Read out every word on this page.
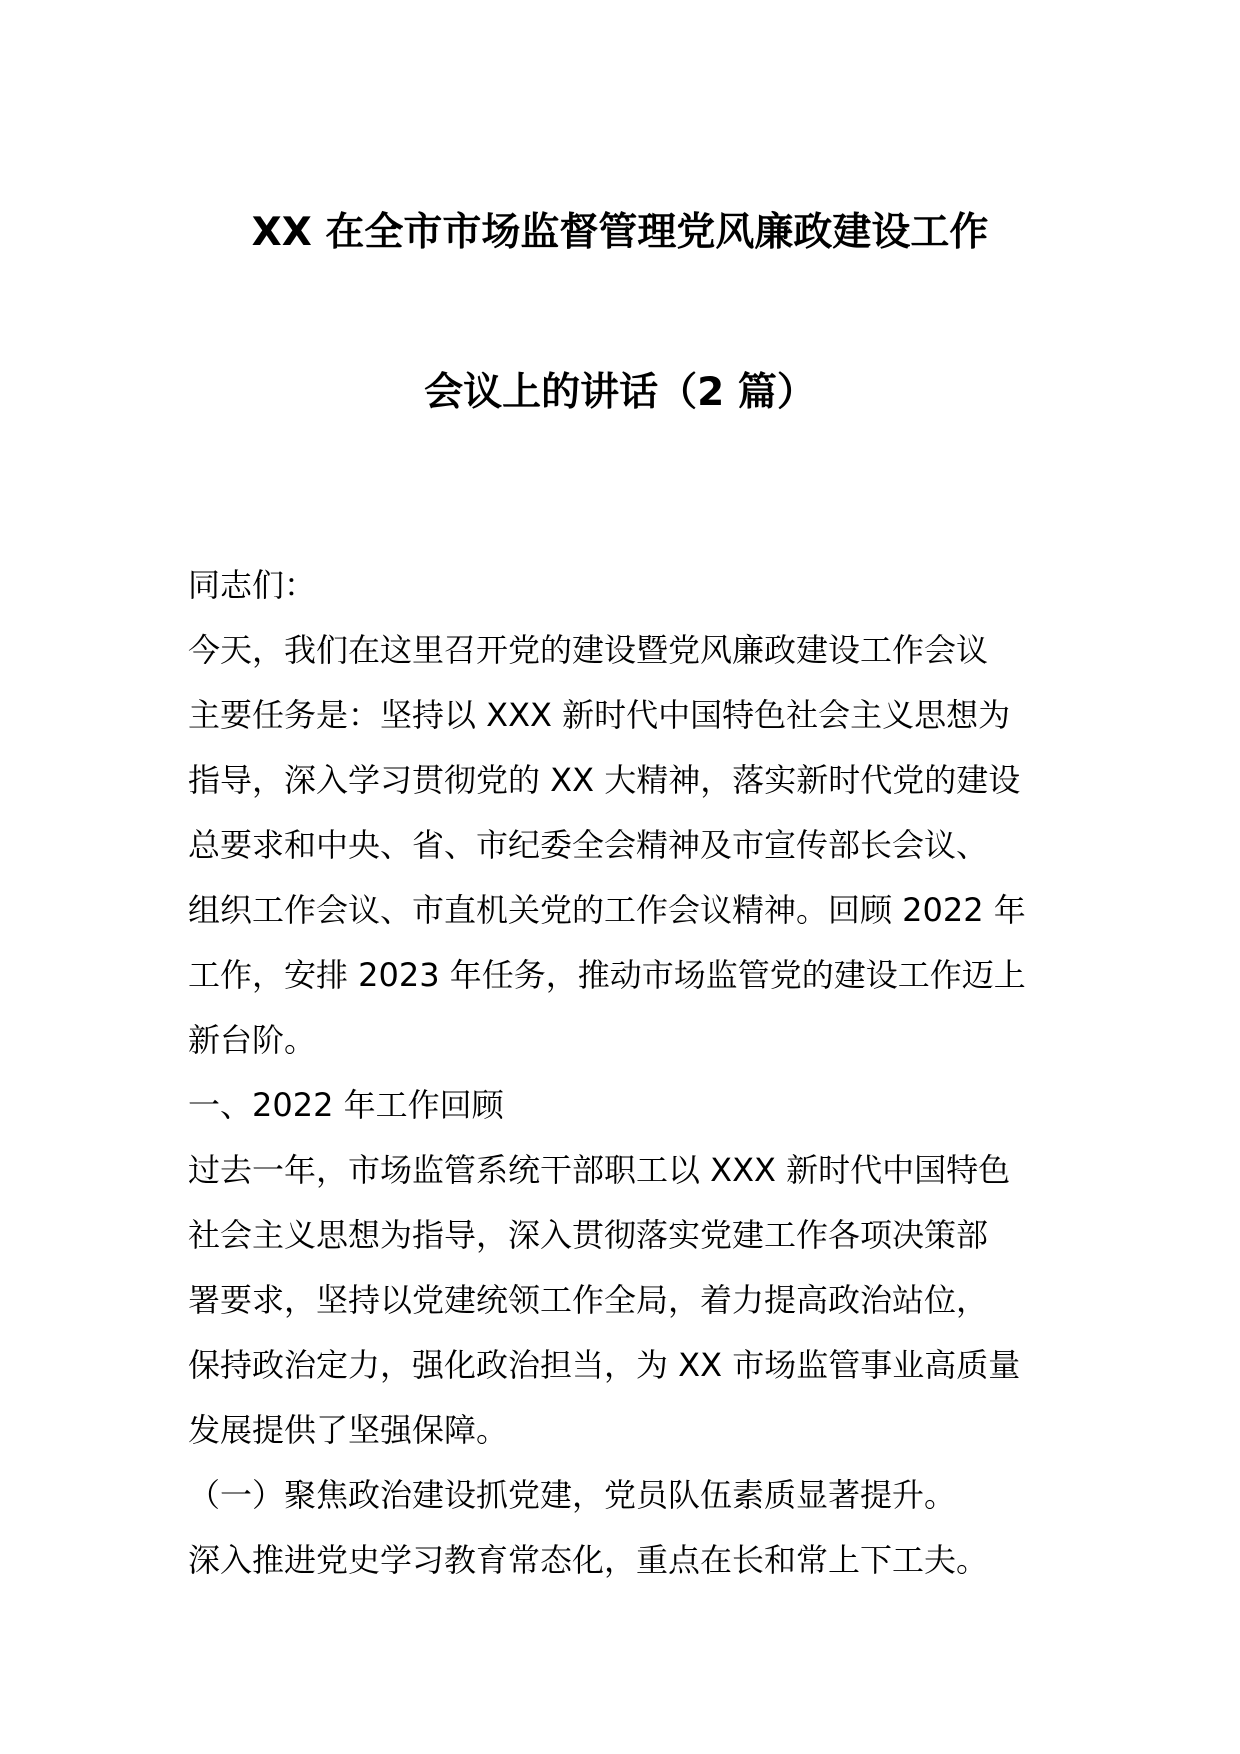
XX 在全市市场监督管理党风廉政建设工作
会议上的讲话（2 篇）
同志们：
今天，我们在这里召开党的建设暨党风廉政建设工作会议
主要任务是：坚持以 XXX 新时代中国特色社会主义思想为
指导，深入学习贯彻党的 XX 大精神，落实新时代党的建设
总要求和中央、省、市纪委全会精神及市宣传部长会议、
组织工作会议、市直机关党的工作会议精神。回顾 2022 年
工作，安排 2023 年任务，推动市场监管党的建设工作迈上
新台阶。
一、2022 年工作回顾
过去一年，市场监管系统干部职工以 XXX 新时代中国特色
社会主义思想为指导，深入贯彻落实党建工作各项决策部
署要求，坚持以党建统领工作全局，着力提高政治站位，
保持政治定力，强化政治担当，为 XX 市场监管事业高质量
发展提供了坚强保障。
（一）聚焦政治建设抓党建，党员队伍素质显著提升。
深入推进党史学习教育常态化，重点在长和常上下工夫。
